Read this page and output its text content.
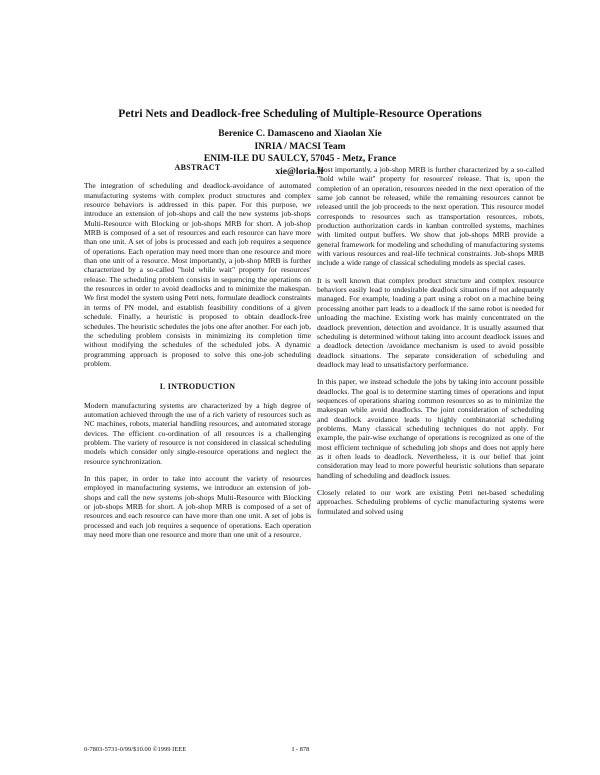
Petri Nets and Deadlock-free Scheduling of Multiple-Resource Operations
Berenice C. Damasceno and Xiaolan Xie
INRIA / MACSI Team
ENIM-ILE DU SAULCY, 57045 - Metz, France
xie@loria.fr
ABSTRACT

The integration of scheduling and deadlock-avoidance of automated manufacturing systems with complex product structures and complex resource behaviors is addressed in this paper. For this purpose, we introduce an extension of job-shops and call the new systems job-shops Multi-Resource with Blocking or job-shops MRB for short. A job-shop MRB is composed of a set of resources and each resource can have more than one unit. A set of jobs is processed and each job requires a sequence of operations. Each operation may need more than one resource and more than one unit of a resource. Most importantly, a job-shop MRB is further characterized by a so-called "hold while wait" property for resources' release. The scheduling problem consists in sequencing the operations on the resources in order to avoid deadlocks and to minimize the makespan. We first model the system using Petri nets, formulate deadlock constraints in terms of PN model, and establish feasibility conditions of a given schedule. Finally, a heuristic is proposed to obtain deadlock-free schedules. The heuristic schedules the jobs one after another. For each job, the scheduling problem consists in minimizing its completion time without modifying the schedules of the scheduled jobs. A dynamic programming approach is proposed to solve this one-job scheduling problem.

I. INTRODUCTION

Modern manufacturing systems are characterized by a high degree of automation achieved through the use of a rich variety of resources such as NC machines, robots, material handling resources, and automated storage devices. The efficient co-ordination of all resources is a challenging problem. The variety of resource is not considered in classical scheduling models which consider only single-resource operations and neglect the resource synchronization.

In this paper, in order to take into account the variety of resources employed in manufacturing systems, we introduce an extension of job-shops and call the new systems job-shops Multi-Resource with Blocking or job-shops MRB for short. A job-shop MRB is composed of a set of resources and each resource can have more than one unit. A set of jobs is processed and each job requires a sequence of operations. Each operation may need more than one resource and more than one unit of a resource.

Most importantly, a job-shop MRB is further characterized by a so-called "hold while wait" property for resources' release. That is, upon the completion of an operation, resources needed in the next operation of the same job cannot be released, while the remaining resources cannot be released until the job proceeds to the next operation. This resource model corresponds to resources such as transportation resources, robots, production authorization cards in kanban controlled systems, machines with limited output buffers. We show that job-shops MRB provide a general framework for modeling and scheduling of manufacturing systems with various resources and real-life technical constraints. Job-shops MRB include a wide range of classical scheduling models as special cases.

It is well known that complex product structure and complex resource behaviors easily lead to undesirable deadlock situations if not adequately managed. For example, loading a part using a robot on a machine being processing another part leads to a deadlock if the same robot is needed for unloading the machine. Existing work has mainly concentrated on the deadlock prevention, detection and avoidance. It is usually assumed that scheduling is determined without taking into account deadlock issues and a deadlock detection /avoidance mechanism is used to avoid possible deadlock situations. The separate consideration of scheduling and deadlock may lead to unsatisfactory performance.

In this paper, we instead schedule the jobs by taking into account possible deadlocks. The goal is to determine starting times of operations and input sequences of operations sharing common resources so as to minimize the makespan while avoid deadlocks. The joint consideration of scheduling and deadlock avoidance leads to highly combinatorial scheduling problems. Many classical scheduling techniques do not apply. For example, the pair-wise exchange of operations is recognized as one of the most efficient technique of scheduling job shops and does not apply here as it often leads to deadlock. Nevertheless, it is our belief that joint consideration may lead to more powerful heuristic solutions than separate handling of scheduling and deadlock issues.

Closely related to our work are existing Petri net-based scheduling approaches. Scheduling problems of cyclic manufacturing systems were formulated and solved using

0-7803-5731-0/99/$10.00 ©1999 IEEE	I - 878
